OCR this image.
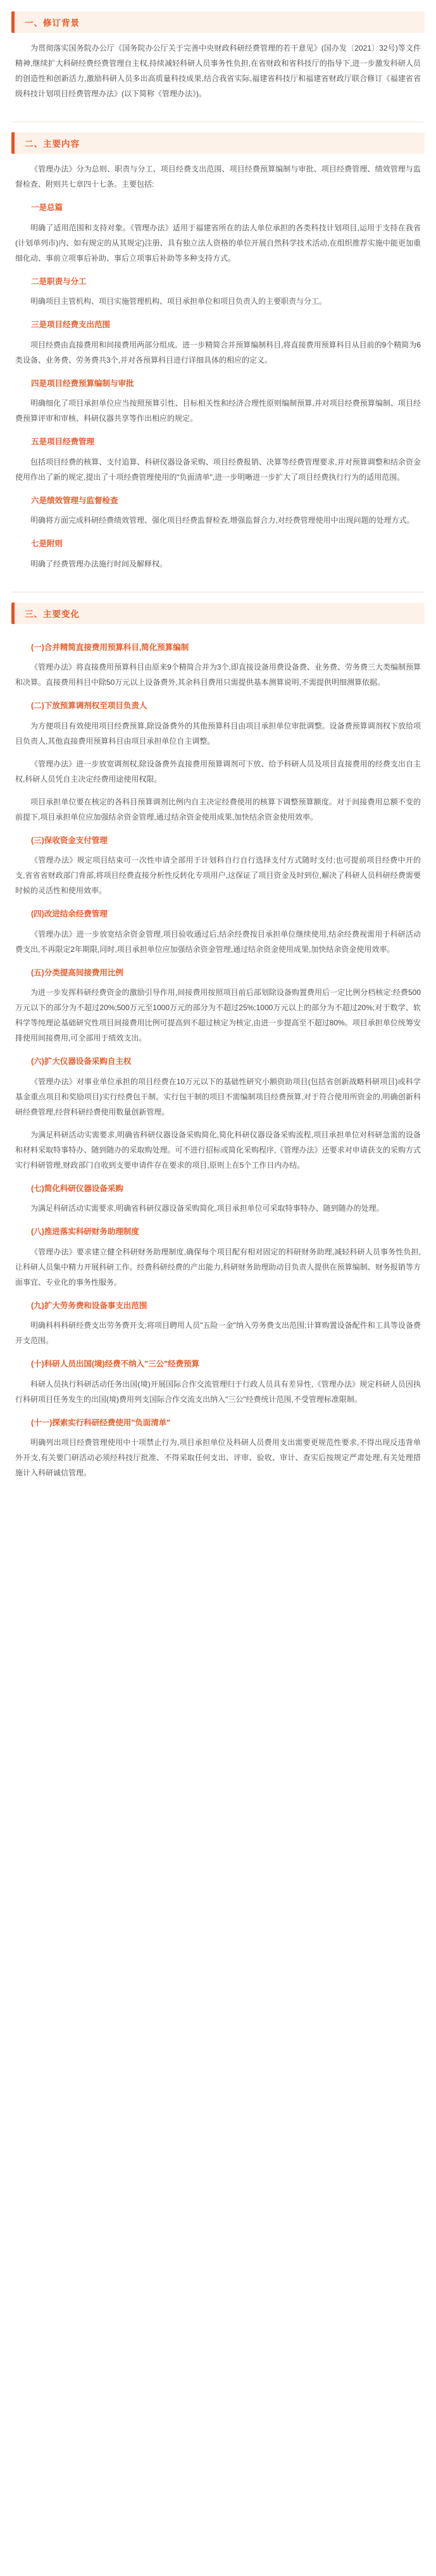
一、修订背景

为贯彻落实国务院办公厅《国务院办公厅关于完善中央财政科研经费管理的若干意见》(国办发〔2021〕32号)等文件精神,继续扩大科研经费经费管理自主权,持续减轻科研人员事务性负担,在省财政和省科技厅的指导下,进一步激发科研人员的创造性和创新活力,激励科研人员多出高质量科技成果,结合我省实际,福建省科技厅和福建省财政厅联合修订《福建省省级科技计划项目经费管理办法》(以下简称《管理办法》)。

二、主要内容

《管理办法》分为总则、职责与分工、项目经费支出范围、项目经费预算编制与审批、项目经费管理、绩效管理与监督检查、附则共七章四十七条。主要包括:

一是总篇

明确了适用范围和支持对象。《管理办法》适用于福建省所在的法人单位承担的各类科技计划项目,运用于支持在我省(计划单列市)内、如有规定的从其规定)注册、具有独立法人资格的单位开展自然科学技术活动,在组织推荐实施中能更加重细化动、事前立项事后补助、事后立项事后补助等多种支持方式。

二是职责与分工

明确项目主管机构、项目实施管理机构、项目承担单位和项目负责人的主要职责与分工。

三是项目经费支出范围

项目经费由直接费用和间接费用两部分组成。进一步精简合并预算编制科目,将直接费用预算科目从目前的9个精简为6类设备、业务费、劳务费共3个,并对各预算科目进行详细具体的相应的定义。

四是项目经费预算编制与审批

明确细化了项目承担单位应当按照预算引性、目标相关性和经济合理性原则编制预算,并对项目经费预算编制、项目经费预算评审和审核、科研仪器共享等作出相应的规定。

五是项目经费管理

包括项目经费的核算、支付追算、科研仪器设备采购、项目经费报销、决算等经费管理要求,并对预算调整和结余资金使用作出了新的规定,提出了十项经费管理使用的"负面清单",进一步明晰进一步扩大了项目经费执行行为的适用范围。

六是绩效管理与监督检查

明确将方面完成科研经费绩效管理、强化项目经费监督检查,增强监督合力,对经费管理使用中出现问题的处理方式。

七是附则

明确了经费管理办法施行时间及解释权。

三、主要变化

(一)合并精简直接费用预算科目,简化预算编制

《管理办法》将直接费用预算科目由原来9个精简合并为3个,即直接设备用费设备费、业务费、劳务费三大类编制预算和决算。直接费用科目中除50万元以上设备费外,其余科目费用只需提供基本测算说明,不需提供明细测算依据。

(二)下放预算调剂权至项目负责人

为方便项目有效使用项目经费预算,除设备费外的其他预算科目由项目承担单位审批调整。设备费预算调剂权下放给项目负责人,其他直接费用预算科目由项目承担单位自主调整。

《管理办法》进一步放宽调剂权,除设备费外直接费用预算调剂可下放、给予科研人员及项目直接费用的经费支出自主权,科研人员凭自主决定经费用途使用权限。

项目承担单位要在核定的各科目预算调剂比例内自主决定经费使用的核算下调整预算额度。对于间接费用总额不变的前提下,项目承担单位应加强结余资金管理,通过结余资金使用成果,加快结余资金使用效率。

(三)保收资金支付管理

《管理办法》规定项目结束可一次性申请全部用于计划科自行自行选择支付方式随时支付;也可提前项目经费中开的支,省省省财政部门背部,将项目经费直接分析性反转化专项用户,这保证了项目资金及时到位,解决了科研人员科研经费需要时候的灵活性和使用效率。

(四)改进结余经费管理

《管理办法》进一步放宽结余资金管理,项目验收通过后,结余经费按目承担单位继续使用,结余经费视需用于科研活动费支出,不再限定2年期限,同时,项目承担单位应加强结余资金管理,通过结余资金使用成果,加快结余资金使用效率。

(五)分类提高间接费用比例

为进一步发挥科研经费资金的激励引导作用,间接费用按照项目前后部划除设备购置费用后一定比例分档核定:经费500万元以下的部分为不超过20%;500万元至1000万元的部分为不超过25%;1000万元以上的部分为不超过20%;对于数学、软科学等纯理论基础研究性项目间接费用比例可提高到不超过核定为核定,由进一步提高至不超过80%。项目承担单位统筹安排使用间接费用,可全部用于绩效支出。

(六)扩大仪器设备采购自主权

《管理办法》对事业单位承担的项目经费在10万元以下的基础性研究小额资助项目(包括省创新战略科研项目)或科学基金重点项目和奖励项目)实行经费包干制。实行包干制的项目不需编制项目经费预算,对于符合使用所资金的,明确创新科研经费管理,经营科研经费使用数量创新管理。

为满足科研活动实需要求,明确省科研仪器设备采购简化,简化科研仪器设备采购流程,项目承担单位对科研急需的设备和材料采取特事特办、随到随办的采取购处理。可不进行招标或简化采购程序,《管理办法》还要求对申请获支的采购方式实行科研管理,财政部门自收到支要申请件存在要求的项目,原则上在5个工作日内办结。

(七)简化科研仪器设备采购

为满足科研活动实需要求,明确省科研仪器设备采购简化,项目承担单位可采取特事特办、随到随办的处理。

(八)推进落实科研财务助理制度

《管理办法》要求建立健全科研财务助理制度,确保每个项目配有相对固定的科研财务助理,减轻科研人员事务性负担,让科研人员集中精力开展科研工作。经费科研经费的产出能力,科研财务助理助动目负责人提供在预算编制、财务报销等方面事宜、专业化的事务性服务。

(九)扩大劳务费和设备事支出范围

明确科科科研经费支出劳务费开支;将项目聘用人员"五险一金"纳入劳务费支出范围;计算购置设备配件和工具等设备费开支范围。

(十)科研人员出国(境)经费不纳入"三公"经费预算

科研人员执行科研活动任务出国(境)开展国际合作交流管理归于行政人员具有差异性,《管理办法》规定科研人员因执行科研项目任务发生的出国(境)费用列支国际合作交流支出纳入"三公"经费统计范围,不受管理标准限制。

(十一)探索实行科研经费使用"负面清单"

明确列出项目经费管理使用中十项禁止行为,项目承担单位及科研人员费用支出需要更规范性要求,不得出现反违背单外开支,有关要门研活动必须经科技厅批准、不得采取任何支出、评审、验收、审计、查实后按规定严肃处理,有关处理措施计入科研诚信管理。
